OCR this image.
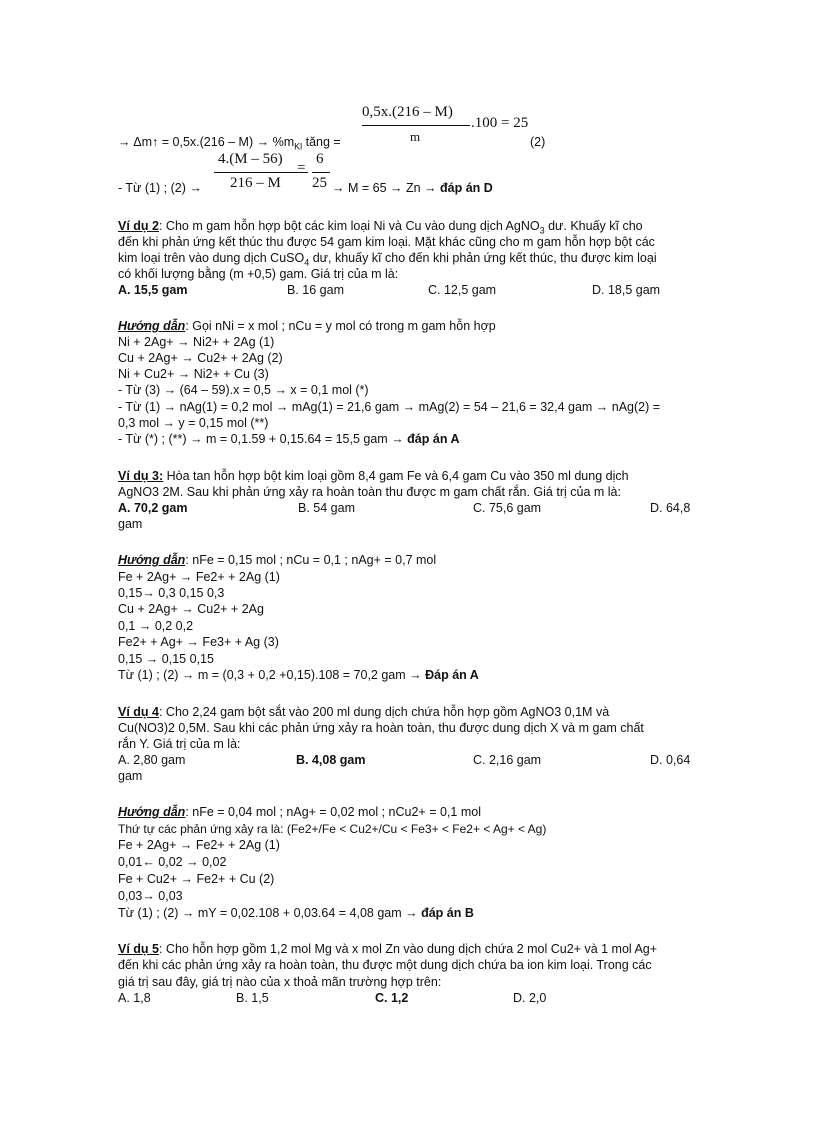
→ Δm↑ = $0,5x.(216 - M) \to \%m_{Kl}$ tăng =
0,5x.(216 – M)
m
.100 = 25
(2)
- Từ (1) ; (2) →
4.(M – 56)
216 – M
=
6
25 → M = 65 → Zn → đáp án D
Ví dụ 2: Cho m gam hỗn hợp bột các kim loại Ni và Cu vào dung dịch AgNO$_3$ dư. Khuấy kĩ cho
đến khi phản ứng kết thúc thu được 54 gam kim loại. Mặt khác cũng cho m gam hỗn hợp bột các
kim loại trên vào dung dịch CuSO$_4$ dư, khuấy kĩ cho đến khi phản ứng kết thúc, thu được kim loại
có khối lượng bằng (m +0,5) gam. Giá trị của m là:
A. 15,5 gam	B. 16 gam	C. 12,5 gam	D. 18,5 gam
Hướng dẫn: Gọi nNi = x mol ; nCu = y mol có trong m gam hỗn hợp
Ni + 2Ag+ → Ni2+ + 2Ag (1)
Cu + 2Ag+ → Cu2+ + 2Ag (2)
Ni + Cu2+ → Ni2+ + Cu (3)
- Từ (3) → (64 – 59).x = 0,5 → x = 0,1 mol (*)
- Từ (1) → nAg(1) = 0,2 mol → mAg(1) = 21,6 gam → mAg(2) = 54 – 21,6 = 32,4 gam → nAg(2) =
0,3 mol → y = 0,15 mol (**)
- Từ (*) ; (**) → m = 0,1.59 + 0,15.64 = 15,5 gam → đáp án A
Ví dụ 3: Hòa tan hỗn hợp bột kim loại gồm 8,4 gam Fe và 6,4 gam Cu vào 350 ml dung dịch
AgNO3 2M. Sau khi phản ứng xảy ra hoàn toàn thu được m gam chất rắn. Giá trị của m là:
A. 70,2 gam	B. 54 gam	C. 75,6 gam	D. 64,8
gam
Hướng dẫn: nFe = 0,15 mol ; nCu = 0,1 ; nAg+ = 0,7 mol
Fe + 2Ag+ → Fe2+ + 2Ag (1)
0,15→ 0,3 0,15 0,3
Cu + 2Ag+ → Cu2+ + 2Ag
0,1 → 0,2 0,2
Fe2+ + Ag+ → Fe3+ + Ag (3)
0,15 → 0,15 0,15
Từ (1) ; (2) → m = (0,3 + 0,2 +0,15).108 = 70,2 gam → Đáp án A
Ví dụ 4: Cho 2,24 gam bột sắt vào 200 ml dung dịch chứa hỗn hợp gồm AgNO3 0,1M và
Cu(NO3)2 0,5M. Sau khi các phản ứng xảy ra hoàn toàn, thu được dung dịch X và m gam chất
rắn Y. Giá trị của m là:
A. 2,80 gam	B. 4,08 gam	C. 2,16 gam	D. 0,64
gam
Hướng dẫn: nFe = 0,04 mol ; nAg+ = 0,02 mol ; nCu2+ = 0,1 mol
Thứ tự các phản ứng xảy ra là: (Fe2+/Fe < Cu2+/Cu < Fe3+ < Fe2+ < Ag+ < Ag)
Fe + 2Ag+ → Fe2+ + 2Ag (1)
0,01← 0,02 → 0,02
Fe + Cu2+ → Fe2+ + Cu (2)
0,03→ 0,03
Từ (1) ; (2) → mY = 0,02.108 + 0,03.64 = 4,08 gam → đáp án B
Ví dụ 5: Cho hỗn hợp gồm 1,2 mol Mg và x mol Zn vào dung dịch chứa 2 mol Cu2+ và 1 mol Ag+
đến khi các phản ứng xảy ra hoàn toàn, thu được một dung dịch chứa ba ion kim loại. Trong các
giá trị sau đây, giá trị nào của x thoả mãn trường hợp trên:
A. 1,8	B. 1,5	C. 1,2	D. 2,0
